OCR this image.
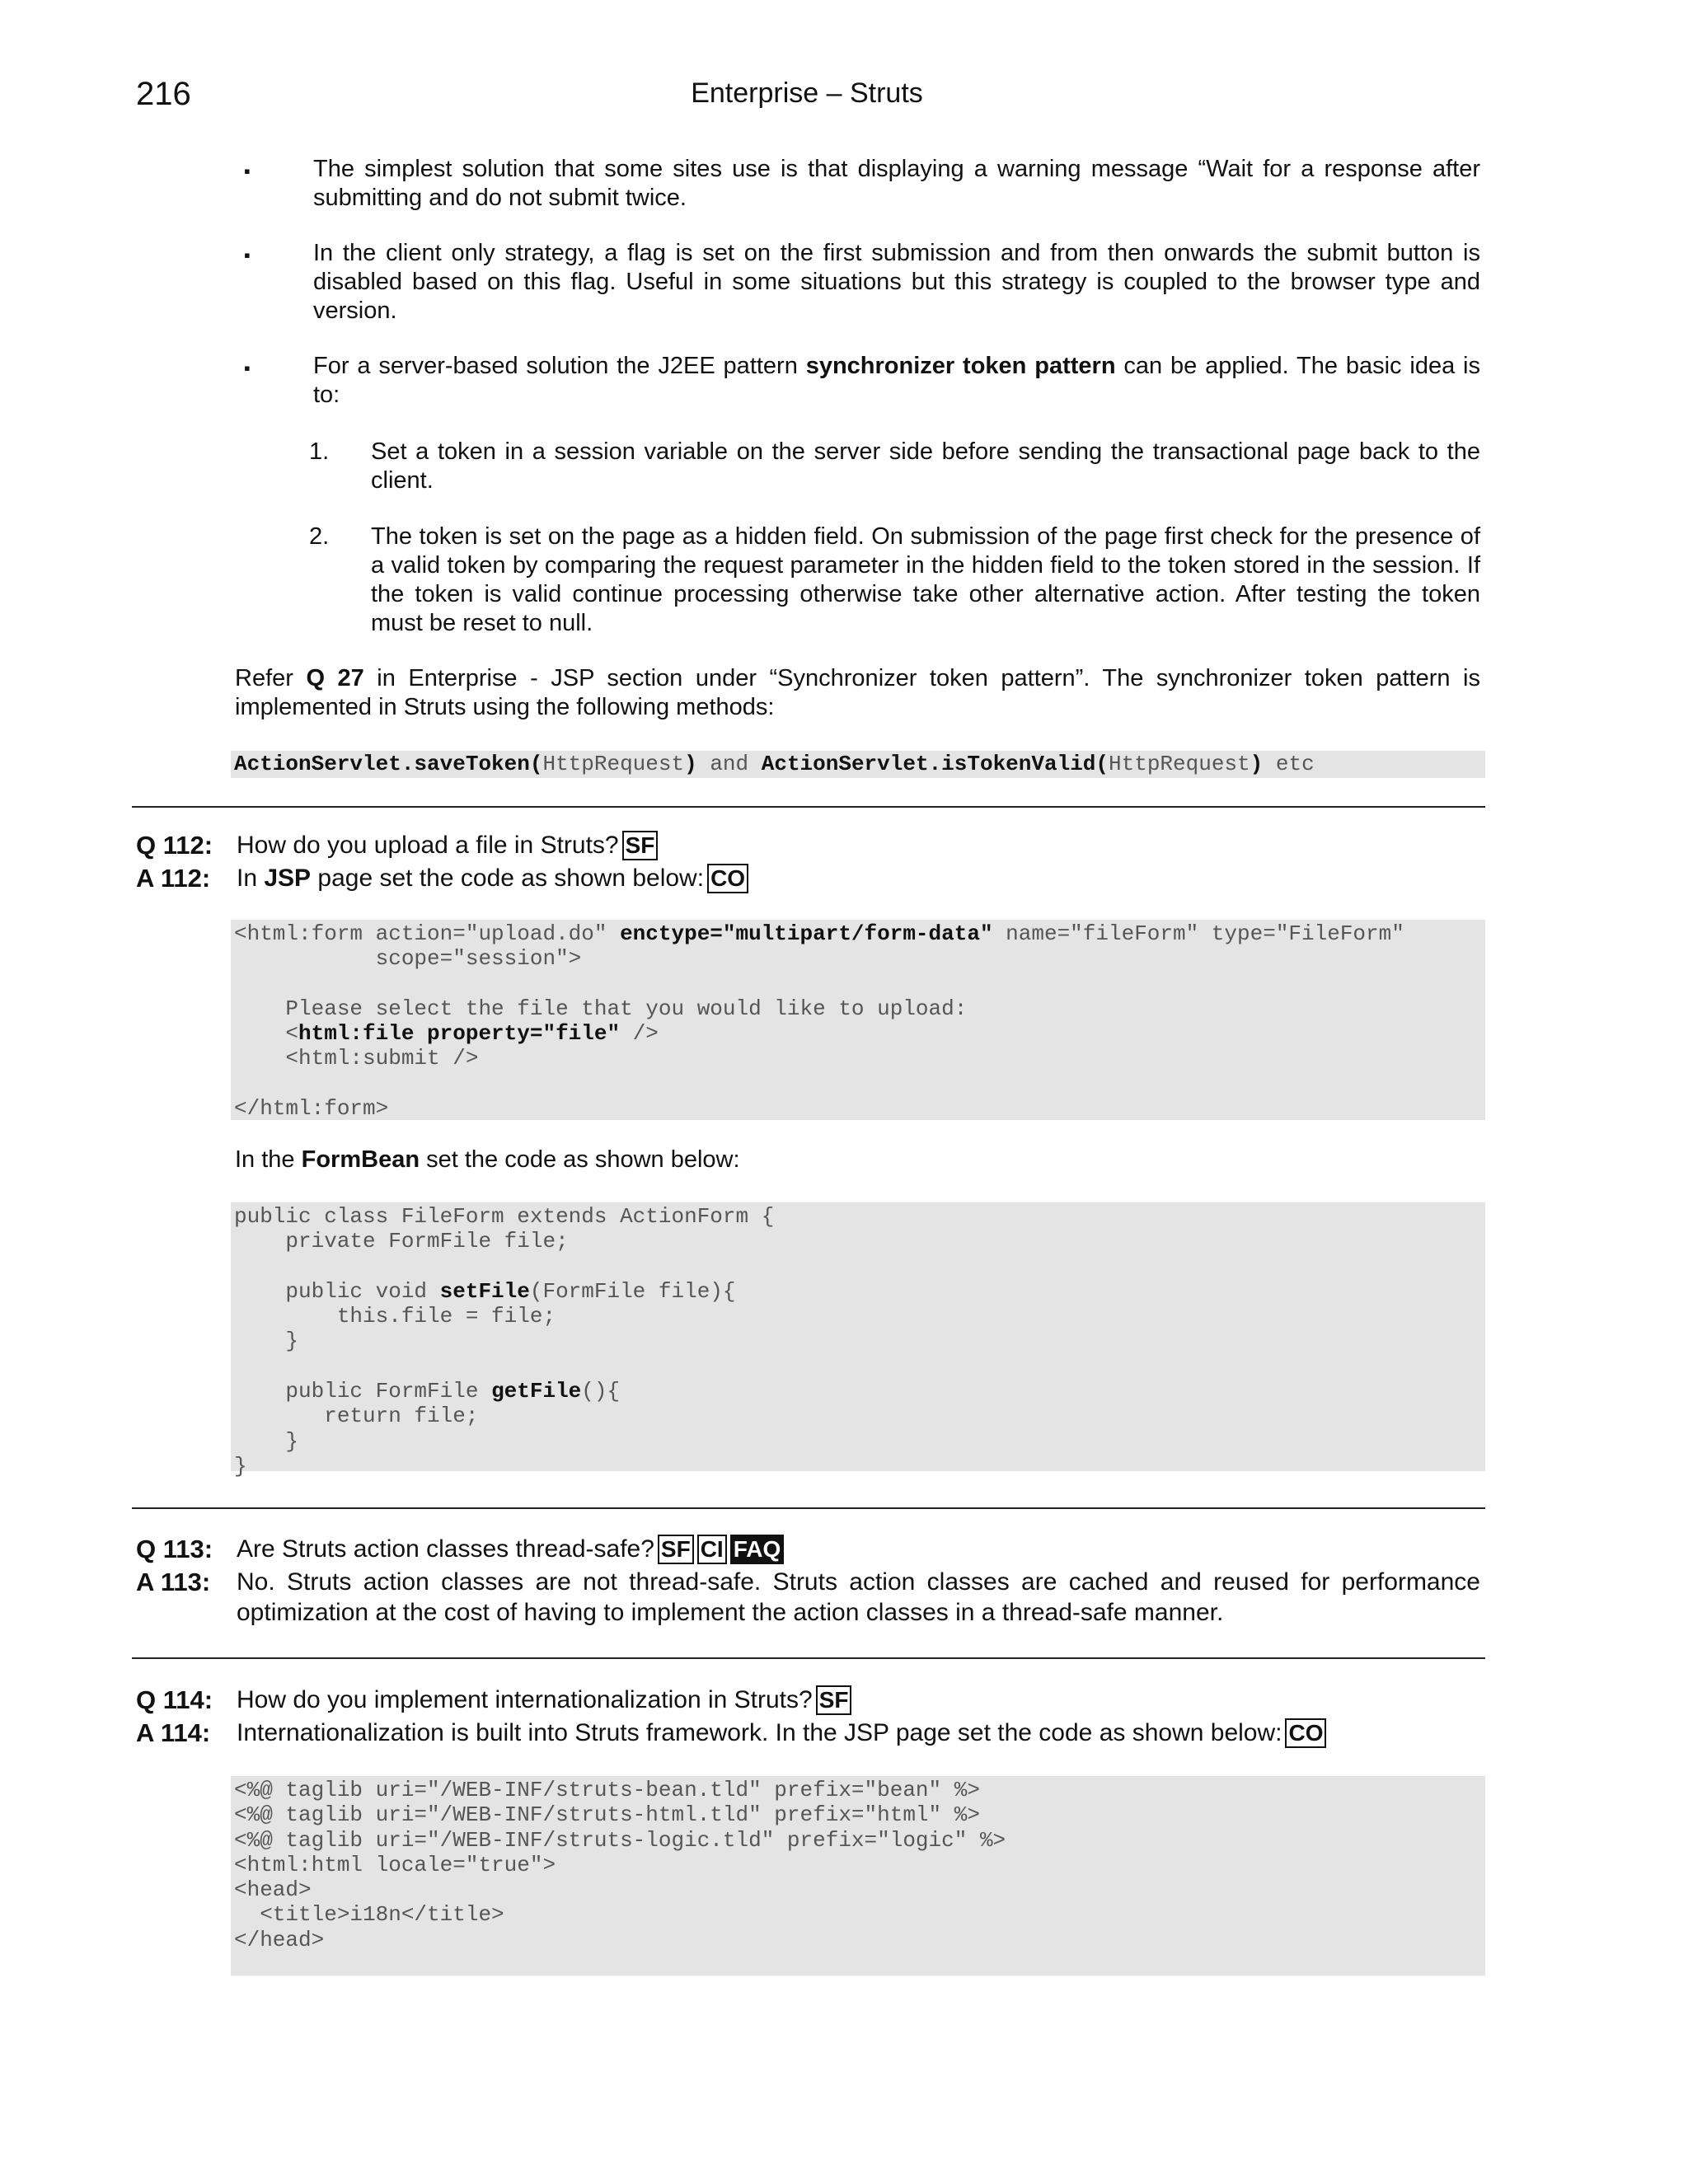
216	Enterprise – Struts
▪	The simplest solution that some sites use is that displaying a warning message “Wait for a response after submitting and do not submit twice.
▪	In the client only strategy, a flag is set on the first submission and from then onwards the submit button is disabled based on this flag. Useful in some situations but this strategy is coupled to the browser type and version.
▪	For a server-based solution the J2EE pattern synchronizer token pattern can be applied. The basic idea is to:
1. Set a token in a session variable on the server side before sending the transactional page back to the client.
2. The token is set on the page as a hidden field. On submission of the page first check for the presence of a valid token by comparing the request parameter in the hidden field to the token stored in the session. If the token is valid continue processing otherwise take other alternative action. After testing the token must be reset to null.
Refer Q 27 in Enterprise - JSP section under “Synchronizer token pattern”. The synchronizer token pattern is implemented in Struts using the following methods:
ActionServlet.saveToken(HttpRequest) and ActionServlet.isTokenValid(HttpRequest) etc
Q 112: How do you upload a file in Struts? SF
A 112: In JSP page set the code as shown below: CO
<html:form action="upload.do" enctype="multipart/form-data" name="fileForm" type="FileForm"
scope="session">
Please select the file that you would like to upload:
<html:file property="file" />
<html:submit />
</html:form>
In the FormBean set the code as shown below:
public class FileForm extends ActionForm {
private FormFile file;
public void setFile(FormFile file){
this.file = file;
}
public FormFile getFile(){
return file;
}
}
Q 113: Are Struts action classes thread-safe? SF CI FAQ
A 113: No. Struts action classes are not thread-safe. Struts action classes are cached and reused for performance optimization at the cost of having to implement the action classes in a thread-safe manner.
Q 114: How do you implement internationalization in Struts? SF
A 114: Internationalization is built into Struts framework. In the JSP page set the code as shown below: CO
<%@ taglib uri="/WEB-INF/struts-bean.tld" prefix="bean" %>
<%@ taglib uri="/WEB-INF/struts-html.tld" prefix="html" %>
<%@ taglib uri="/WEB-INF/struts-logic.tld" prefix="logic" %>
<html:html locale="true">
<head>
<title>i18n</title>
</head>
